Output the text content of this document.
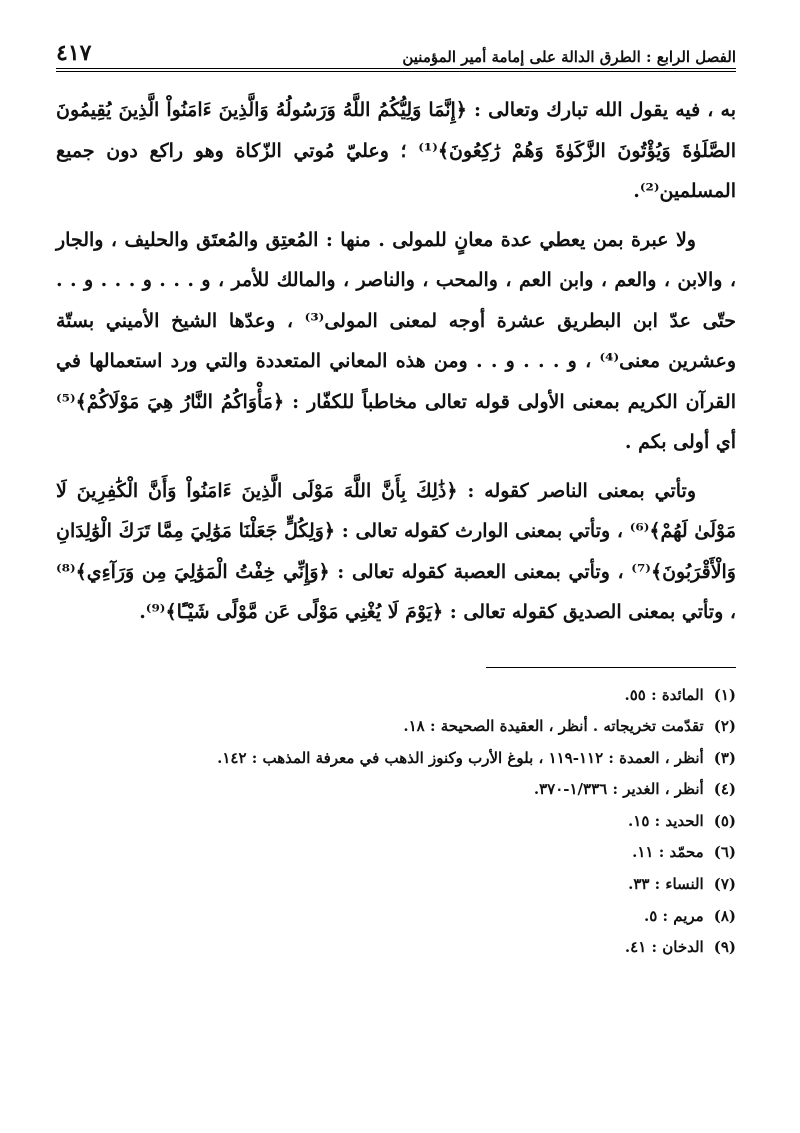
الفصل الرابع : الطرق الدالة على إمامة أمير المؤمنين
٤١٧

به ، فيه يقول الله تبارك وتعالى : ﴿إِنَّمَا وَلِيُّكُمُ اللَّهُ وَرَسُولُهُ وَالَّذِينَ ءَامَنُواْ الَّذِينَ يُقِيمُونَ الصَّلَوٰةَ وَيُؤْتُونَ الزَّكَوٰةَ وَهُمْ رَٰكِعُونَ﴾⁽¹⁾ ؛ وعليّ مُوتي الزّكاة وهو راكع دون جميع المسلمين⁽²⁾.

ولا عبرة بمن يعطي عدة معانٍ للمولى . منها : المُعتِق والمُعتَق والحليف ، والجار ، والابن ، والعم ، وابن العم ، والمحب ، والناصر ، والمالك للأمر ، و . . . و . . . و . . حتّى عدّ ابن البطريق عشرة أوجه لمعنى المولى⁽³⁾ ، وعدّها الشيخ الأميني بستّة وعشرين معنى⁽⁴⁾ ، و . . . و . . ومن هذه المعاني المتعددة والتي ورد استعمالها في القرآن الكريم بمعنى الأولى قوله تعالى مخاطباً للكفّار : ﴿مَأْوَاكُمُ النَّارُ هِيَ مَوْلَاكُمْ﴾⁽⁵⁾ أي أولى بكم .

وتأتي بمعنى الناصر كقوله : ﴿ذَٰلِكَ بِأَنَّ اللَّهَ مَوْلَى الَّذِينَ ءَامَنُواْ وَأَنَّ الْكَٰفِرِينَ لَا مَوْلَىٰ لَهُمْ﴾⁽⁶⁾ ، وتأتي بمعنى الوارث كقوله تعالى : ﴿وَلِكُلٍّ جَعَلْنَا مَوَٰلِيَ مِمَّا تَرَكَ الْوَٰلِدَانِ وَالْأَقْرَبُونَ﴾⁽⁷⁾ ، وتأتي بمعنى العصبة كقوله تعالى : ﴿وَإِنِّي خِفْتُ الْمَوَٰلِيَ مِن وَرَآءِي﴾⁽⁸⁾ ، وتأتي بمعنى الصديق كقوله تعالى : ﴿يَوْمَ لَا يُغْنِي مَوْلًى عَن مَّوْلًى شَيْـًٔا﴾⁽⁹⁾.

(١)المائدة : ٥٥.
(٢)تقدّمت تخريجاته . أنظر ، العقيدة الصحيحة : ١٨.
(٣)أنظر ، العمدة : ١١٢-١١٩ ، بلوغ الأرب وكنوز الذهب في معرفة المذهب : ١٤٢.
(٤)أنظر ، الغدير : ١/٣٣٦-٣٧٠.
(٥)الحديد : ١٥.
(٦)محمّد : ١١.
(٧)النساء : ٣٣.
(٨)مريم : ٥.
(٩)الدخان : ٤١.
